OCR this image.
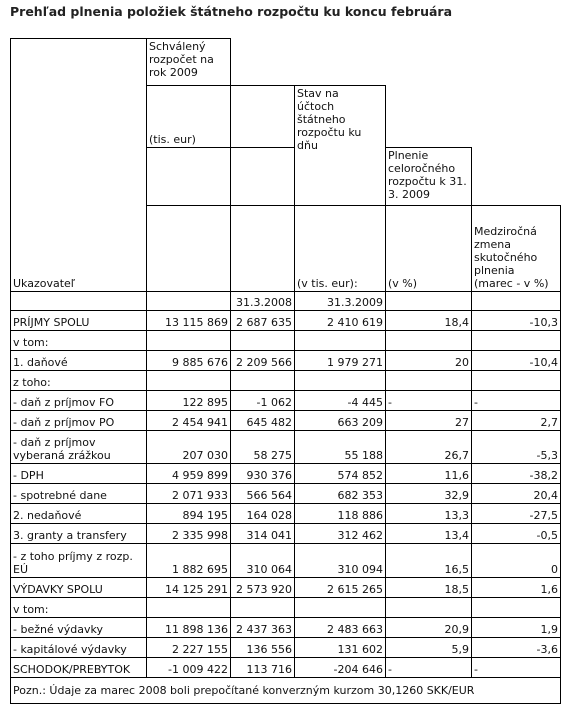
Prehľad plnenia položiek štátneho rozpočtu ku koncu februára
Ukazovateľ	Schválený rozpočet na rok 2009				
	(tis. eur)		Stav na účtoch štátneho rozpočtu ku dňu		

				Plnenie celoročného rozpočtu k 31. 3. 2009	
			(v tis. eur):	(v %)	Medziročná zmena skutočného plnenia
(marec - v %)

		31.3.2008	31.3.2009		
PRÍJMY SPOLU	13 115 869	2 687 635	2 410 619	18,4	-10,3
v tom:					
1. daňové	9 885 676	2 209 566	1 979 271	20	-10,4
z toho:					
- daň z príjmov FO	122 895	-1 062	-4 445	-	-
- daň z príjmov PO	2 454 941	645 482	663 209	27	2,7
- daň z príjmov vyberaná zrážkou	207 030	58 275	55 188	26,7	-5,3
- DPH	4 959 899	930 376	574 852	11,6	-38,2
- spotrebné dane	2 071 933	566 564	682 353	32,9	20,4
2. nedaňové	894 195	164 028	118 886	13,3	-27,5
3. granty a transfery	2 335 998	314 041	312 462	13,4	-0,5
- z toho príjmy z rozp. EÚ	1 882 695	310 064	310 094	16,5	0
VÝDAVKY SPOLU	14 125 291	2 573 920	2 615 265	18,5	1,6
v tom:					
- bežné výdavky	11 898 136	2 437 363	2 483 663	20,9	1,9
- kapitálové výdavky	2 227 155	136 556	131 602	5,9	-3,6
SCHODOK/PREBYTOK	-1 009 422	113 716	-204 646	-	-
Pozn.: Údaje za marec 2008 boli prepočítané konverzným kurzom 30,1260 SKK/EUR					
